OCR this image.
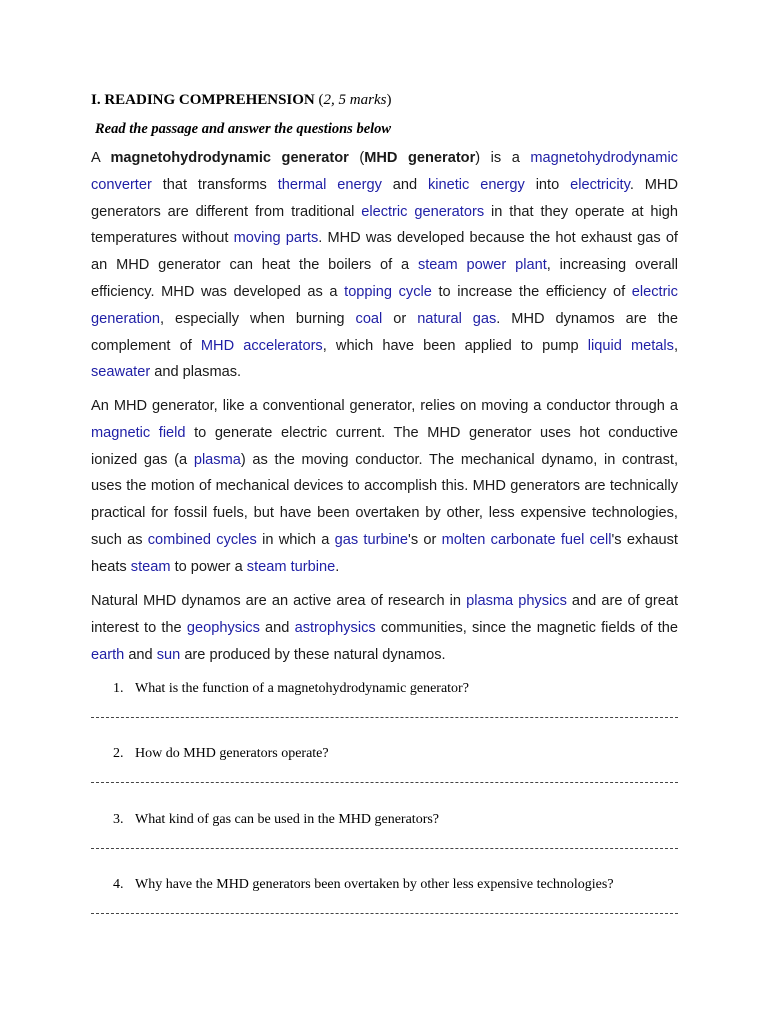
I. READING COMPREHENSION (2, 5 marks)
Read the passage and answer the questions below
A magnetohydrodynamic generator (MHD generator) is a magnetohydrodynamic converter that transforms thermal energy and kinetic energy into electricity. MHD generators are different from traditional electric generators in that they operate at high temperatures without moving parts. MHD was developed because the hot exhaust gas of an MHD generator can heat the boilers of a steam power plant, increasing overall efficiency. MHD was developed as a topping cycle to increase the efficiency of electric generation, especially when burning coal or natural gas. MHD dynamos are the complement of MHD accelerators, which have been applied to pump liquid metals, seawater and plasmas.
An MHD generator, like a conventional generator, relies on moving a conductor through a magnetic field to generate electric current. The MHD generator uses hot conductive ionized gas (a plasma) as the moving conductor. The mechanical dynamo, in contrast, uses the motion of mechanical devices to accomplish this. MHD generators are technically practical for fossil fuels, but have been overtaken by other, less expensive technologies, such as combined cycles in which a gas turbine's or molten carbonate fuel cell's exhaust heats steam to power a steam turbine.
Natural MHD dynamos are an active area of research in plasma physics and are of great interest to the geophysics and astrophysics communities, since the magnetic fields of the earth and sun are produced by these natural dynamos.
1. What is the function of a magnetohydrodynamic generator?
2. How do MHD generators operate?
3. What kind of gas can be used in the MHD generators?
4. Why have the MHD generators been overtaken by other less expensive technologies?
